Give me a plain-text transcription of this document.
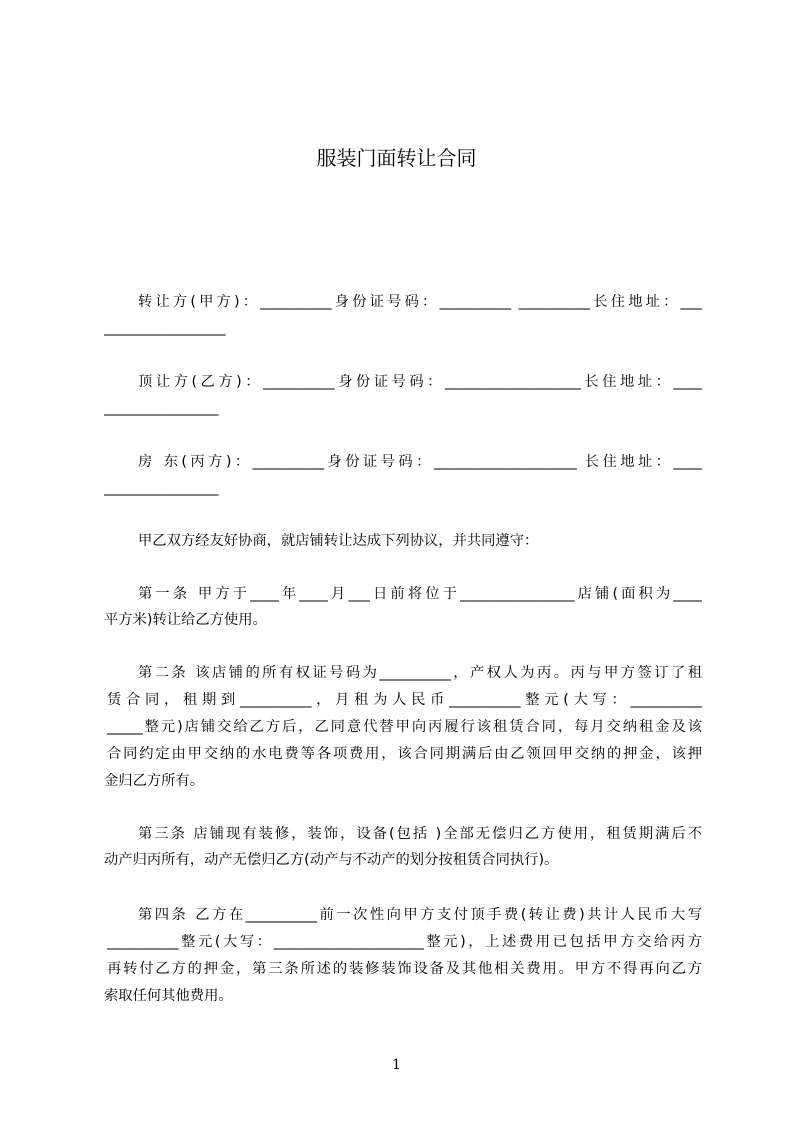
服装门面转让合同
转让方(甲方)：__________身份证号码：__________ __________长住地址：___
_________________
顶让方(乙方)：__________身份证号码：___________________长住地址：____
________________
房 东(丙方)：__________身份证号码：____________________ 长住地址：____
________________
甲乙双方经友好协商，就店铺转让达成下列协议，并共同遵守：
第一条 甲方于____年____月___日前将位于________________店铺(面积为____
平方米)转让给乙方使用。
第二条 该店铺的所有权证号码为__________，产权人为丙。丙与甲方签订了租
赁合同，租期到__________，月租为人民币__________整元(大写：__________
_____整元)店铺交给乙方后，乙同意代替甲向丙履行该租赁合同，每月交纳租金及该
合同约定由甲交纳的水电费等各项费用，该合同期满后由乙领回甲交纳的押金，该押
金归乙方所有。
第三条 店铺现有装修，装饰，设备(包括 )全部无偿归乙方使用，租赁期满后不
动产归丙所有，动产无偿归乙方(动产与不动产的划分按租赁合同执行)。
第四条 乙方在__________前一次性向甲方支付顶手费(转让费)共计人民币大写
__________整元(大写：_____________________整元)，上述费用已包括甲方交给丙方
再转付乙方的押金，第三条所述的装修装饰设备及其他相关费用。甲方不得再向乙方
索取任何其他费用。
1
